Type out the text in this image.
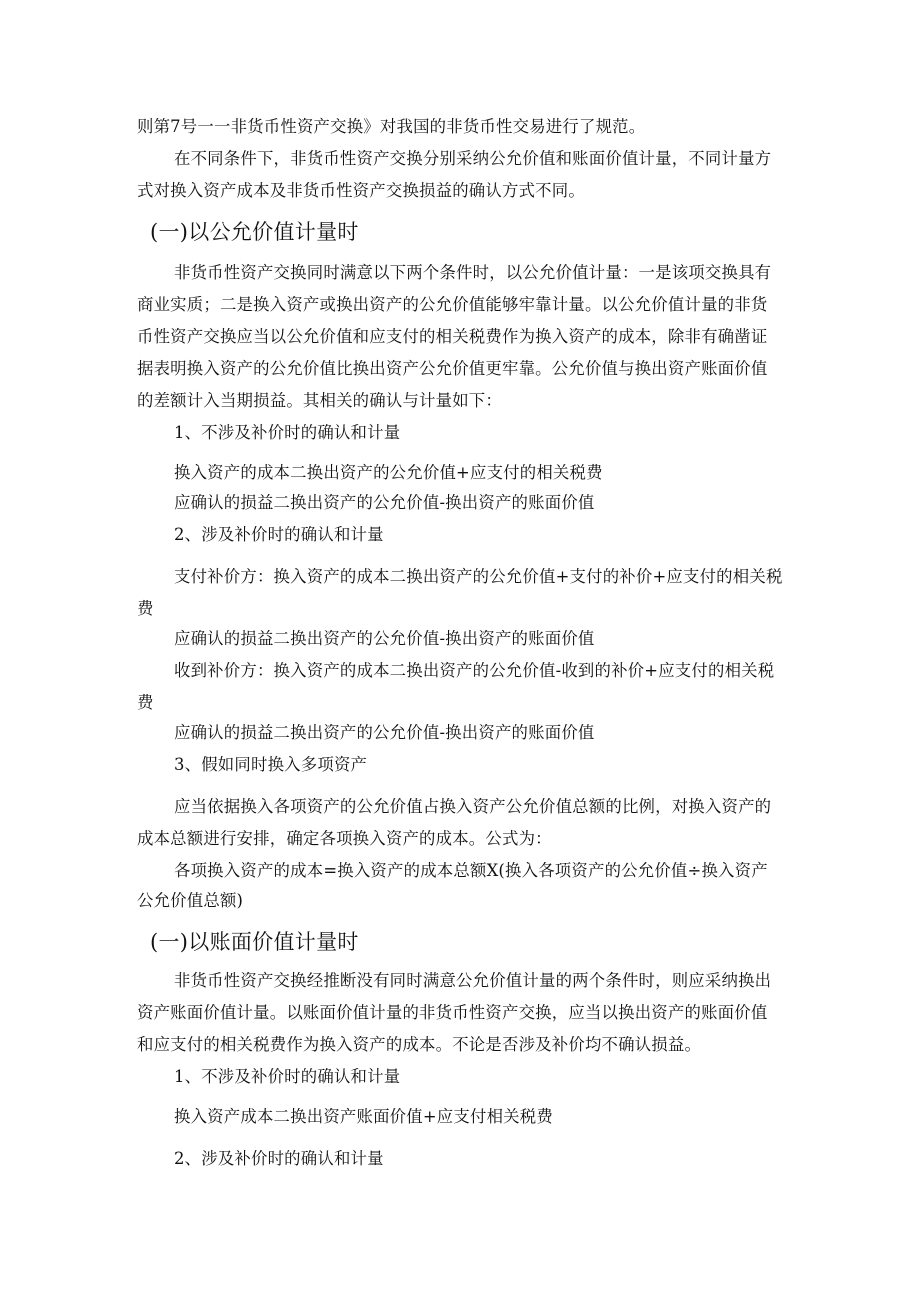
则第7号一一非货币性资产交换》对我国的非货币性交易进行了规范。
在不同条件下，非货币性资产交换分别采纳公允价值和账面价值计量，不同计量方
式对换入资产成本及非货币性资产交换损益的确认方式不同。
(一)以公允价值计量时
非货币性资产交换同时满意以下两个条件时，以公允价值计量：一是该项交换具有
商业实质；二是换入资产或换出资产的公允价值能够牢靠计量。以公允价值计量的非货
币性资产交换应当以公允价值和应支付的相关税费作为换入资产的成本，除非有确凿证
据表明换入资产的公允价值比换出资产公允价值更牢靠。公允价值与换出资产账面价值
的差额计入当期损益。其相关的确认与计量如下：
1、不涉及补价时的确认和计量
换入资产的成本二换出资产的公允价值+应支付的相关税费
应确认的损益二换出资产的公允价值-换出资产的账面价值
2、涉及补价时的确认和计量
支付补价方：换入资产的成本二换出资产的公允价值+支付的补价+应支付的相关税
费
应确认的损益二换出资产的公允价值-换出资产的账面价值
收到补价方：换入资产的成本二换出资产的公允价值-收到的补价+应支付的相关税
费
应确认的损益二换出资产的公允价值-换出资产的账面价值
3、假如同时换入多项资产
应当依据换入各项资产的公允价值占换入资产公允价值总额的比例，对换入资产的
成本总额进行安排，确定各项换入资产的成本。公式为：
各项换入资产的成本=换入资产的成本总额X(换入各项资产的公允价值÷换入资产
公允价值总额)
(一)以账面价值计量时
非货币性资产交换经推断没有同时满意公允价值计量的两个条件时，则应采纳换出
资产账面价值计量。以账面价值计量的非货币性资产交换，应当以换出资产的账面价值
和应支付的相关税费作为换入资产的成本。不论是否涉及补价均不确认损益。
1、不涉及补价时的确认和计量
换入资产成本二换出资产账面价值+应支付相关税费
2、涉及补价时的确认和计量
